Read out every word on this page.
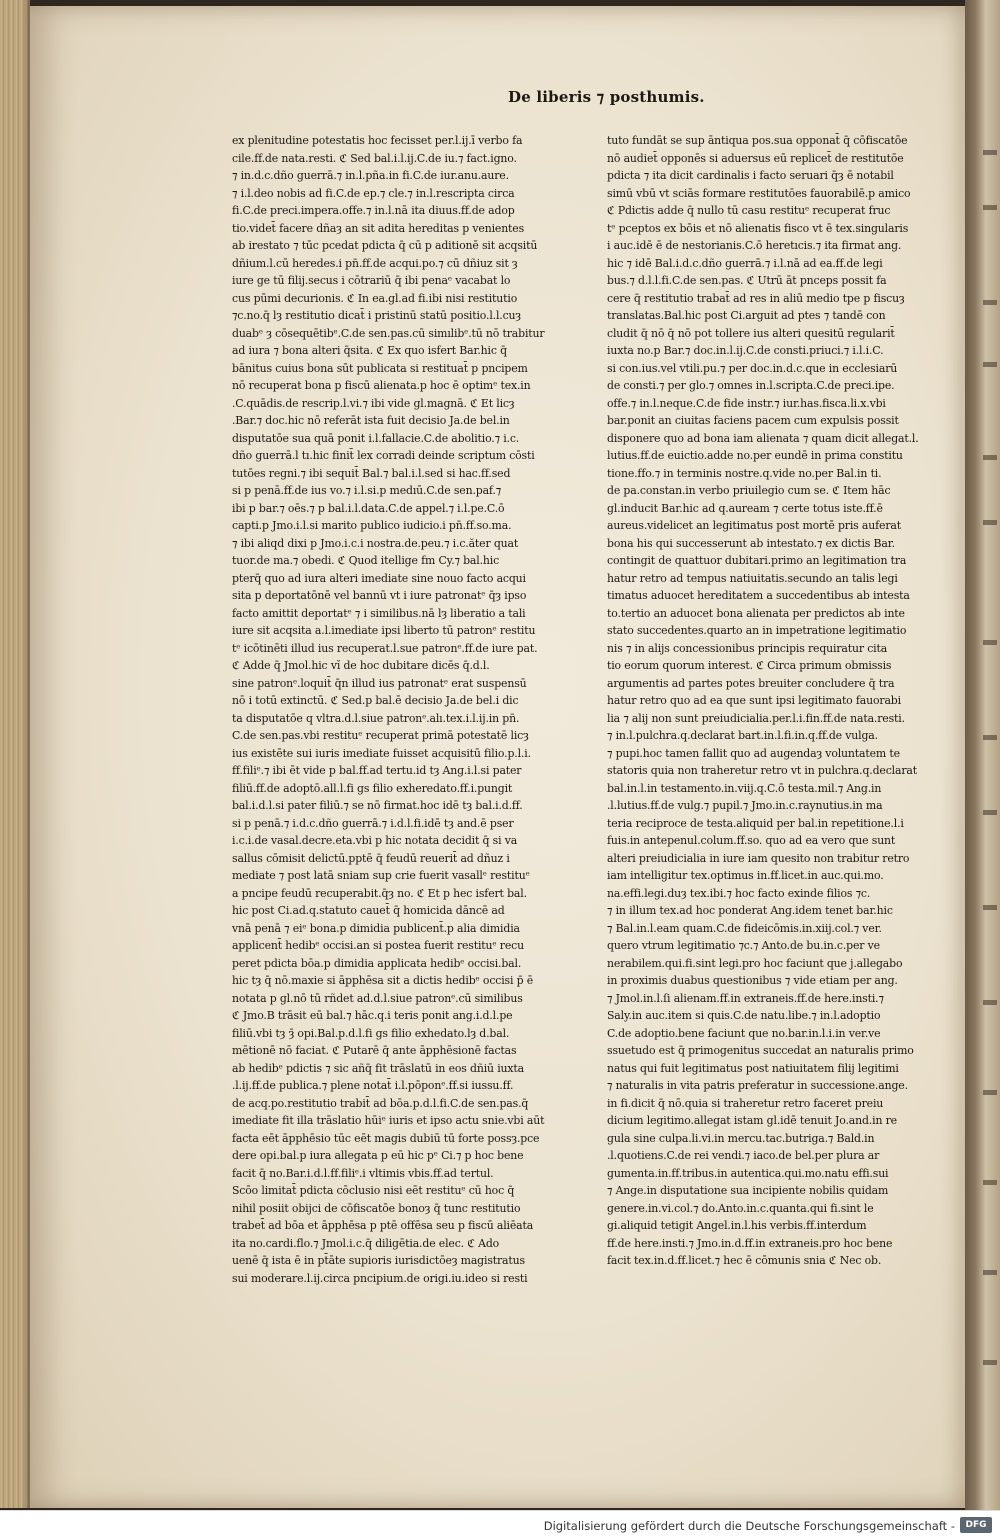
De liberis ⁊ posthumis.
ex plenitudine potestatis hoc fecisset per.l.ij.ī verbo fa
cile.ff.de nata.resti. ℭ Sed bal.i.l.ij.C.de iu.⁊ fact.igno.
⁊ in.d.c.dño guerrā.⁊ in.l.pña.in fi.C.de iur.anu.aure.
⁊ i.l.deo nobis ad fi.C.de ep.⁊ cle.⁊ in.l.rescripta circa
fi.C.de preci.impera.offe.⁊ in.l.nā ita diuus.ff.de adop
tio.videt̄ facere dñaȝ an sit adita hereditas p venientes
ab irestato ⁊ tūc pcedat pdicta q̄ cū p aditionē sit acqsitū
dñium.l.cū heredes.i pn̄.ff.de acqui.po.⁊ cū dñiuz sit ȝ
iure ge tū filij.secus i cōtrariū q̄ ibi penaᵉ vacabat lo
cus pūmi decurionis. ℭ In ea.gl.ad fi.ibi nisi restitutio
⁊c.no.q̄ lȝ restitutio dicat̄ i pristinū statū positio.l.l.cuȝ
duabᵉ ȝ cōsequētibᵉ.C.de sen.pas.cū simılibᵉ.tū nō trabitur
ad iura ⁊ bona alteri q̄sita. ℭ Ex quo isfert Bar.hic q̄
bānitus cuius bona sūt publicata si restituat̄ p pncipem
nō recuperat bona p fiscū alienata.p hoc ē optimᵉ tex.in
.C.quādis.de rescrip.l.vi.⁊ ibi vide gl.magnā. ℭ Et licȝ
.Bar.⁊ doc.hic nō referāt ista fuit decisio Ja.de bel.in
disputatōe sua quā ponit i.l.fallacie.C.de abolitio.⁊ i.c.
dño guerrā.l tı.hic finit̄ lex corradi deinde scriptum cōsti
tutōes regni.⁊ ibi sequit̄ Bal.⁊ bal.i.l.sed si hac.ff.sed
si p penā.ff.de ius vo.⁊ i.l.si.p medıū.C.de sen.paf.⁊
ibi p bar.⁊ oēs.⁊ p bal.i.l.data.C.de appel.⁊ i.l.pe.C.ō
capti.p Jmo.i.l.si marito publico iudicio.i pn̄.ff.so.ma.
⁊ ibi aliqd dixi p Jmo.i.c.i nostra.de.peu.⁊ i.c.ăter quat
tuor.de ma.⁊ obedi. ℭ Quod itellige fm Cy.⁊ bal.hic
pterq̄ quo ad iura alteri imediate sine nouo facto acqui
sita p deportatōnē vel bannū vt i iure patronatᵉ q̄ȝ ipso
facto amittit deportatᵉ ⁊ i similibus.nā lȝ liberatio a tali
iure sit acqsita a.l.imediate ipsi liberto tū patronᵉ restitu
tᵉ icōtinēti illud ius recuperat.l.sue patronᵉ.ff.de iure pat.
ℭ Adde q̄ Jmol.hic vı̆ de hoc dubitare dicēs q̄.d.l.
sine patronᵉ.loquit̄ q̄n illud ius patronatᵉ erat suspensū
nō i totū extinctū. ℭ Sed.p bal.ē decisio Ja.de bel.i dic
ta disputatōe q vltra.d.l.siue patronᵉ.alı.tex.i.l.ij.in pn̄.
C.de sen.pas.vbi restituᵉ recuperat primā potestatē licȝ
ius existēte sui iuris imediate fuisset acquisitū filio.p.l.i.
ff.filiᵉ.⁊ ibi ēt vide p bal.ff.ad tertu.id tȝ Ang.i.l.si pater
filiū.ff.de adoptō.all.l.fi gs filio exheredato.ff.i.pungit
bal.i.d.l.si pater filiū.⁊ se nō firmat.hoc idē tȝ bal.i.d.ff.
si p penā.⁊ i.d.c.dño guerrā.⁊ i.d.l.fi.idē tȝ and.ē pser
i.c.i.de vasal.decre.eta.vbi p hic notata decidit q̄ si va
sallus cōmisit delictū.pptē q̄ feudū reuerit̄ ad dñuz i
mediate ⁊ post latā sniam sup crie fuerit vasallᵉ restituᵉ
a pncipe feudū recuperabit.q̄ȝ no. ℭ Et p hec isfert bal.
hic post Ci.ad.q.statuto cauet̄ q̄ homicida dāncē ad
vnā penā ⁊ eiᵉ bona.p dimidia publicent̄.p alia dimidia
applicent̄ hedibᵉ occisi.an si postea fuerit restituᵉ recu
peret pdicta bōa.p dimidia applicata hedibᵉ occisi.bal.
hic tȝ q̄ nō.maxie si āpphēsa sit a dictis hedibᵉ occisi p̄ ē
notata p gl.nō tū rñdet ad.d.l.siue patronᵉ.cū similibus
ℭ Jmo.B trāsit eū bal.⁊ hāc.q.i teris ponit ang.i.d.l.pe
filiū.vbi tȝ ȝ̄ opi.Bal.p.d.l.fi gs filio exhedato.lȝ d.bal.
mētionē nō faciat. ℭ Putarē q̄ ante āpphēsionē factas
ab hedibᵉ pdictis ⁊ sic añq̄ fit trāslatū in eos dñiū iuxta
.l.ij.ff.de publica.⁊ plene notat̄ i.l.pōponᵉ.ff.si iussu.ff.
de acq.po.restitutio trabit̄ ad bōa.p.d.l.fi.C.de sen.pas.q̄
imediate fit illa trāslatio hūiᵉ iuris et ipso actu snie.vbi aūt
facta eēt āpphēsio tūc eēt magis dubiū tū forte possȝ.pce
dere opi.bal.p iura allegata p eū hic pᵉ Ci.⁊ p hoc bene
facit q̄ no.Bar.i.d.l.ff.filiᵉ.i vltimis vbis.ff.ad tertul.
Scōo limitat̄ pdicta cōclusio nisi eēt restituᵉ cū hoc q̄
nihil posiit obijci de cōfiscatōe bonoȝ q̄ tunc restitutio
trabet̄ ad bōa et āpphēsa p ptē offēsa seu p fiscū aliēata
ita no.cardi.flo.⁊ Jmol.i.c.q̄ diligētia.de elec. ℭ Ado
uenē q̄ ista ē in pt̄āte supioris iurisdictōeȝ magistratus
sui moderare.l.ij.circa pncipium.de origi.iu.ideo si resti
tuto fundāt se sup āntiqua pos.sua opponat̄ q̄ cōfiscatōe
nō audiet̄ opponēs si aduersus eū replicet̄ de restitutōe
pdicta ⁊ ita dicit cardinalis i facto seruari q̄ȝ ē notabil
simū vbū vt sciās formare restitutōes fauorabilē.p amico
ℭ Pdictis adde q̄ nullo tū casu restituᵉ recuperat fruc
tᵉ pceptos ex bōis et nō alienatis fisco vt ē tex.singularis
i auc.idē ē de nestorianis.C.ō heretıcis.⁊ ita firmat ang.
hic ⁊ idē Bal.i.d.c.dño guerrā.⁊ i.l.nā ad ea.ff.de legi
bus.⁊ d.l.l.fi.C.de sen.pas. ℭ Utrū āt pnceps possit fa
cere q̄ restitutio trabat̄ ad res in aliū medio tpe p fiscuȝ
translatas.Bal.hic post Ci.arguit ad ptes ⁊ tandē con
cludit q̄ nō q̄ nō pot tollere ius alteri quesitū regularit̄
iuxta no.p Bar.⁊ doc.in.l.ij.C.de consti.priuci.⁊ i.l.i.C.
si con.ius.vel vtili.pu.⁊ per doc.in.d.c.que in ecclesiarū
de consti.⁊ per glo.⁊ omnes in.l.scripta.C.de preci.ipe.
offe.⁊ in.l.neque.C.de fide instr.⁊ iur.has.fisca.li.x.vbi
bar.ponit an ciuitas faciens pacem cum expulsis possit
disponere quo ad bona iam alienata ⁊ quam dicit allegat.l.
lutius.ff.de euictio.adde no.per eundē in prima constitu
tione.ffo.⁊ in terminis nostre.q.vide no.per Bal.in ti.
de pa.constan.in verbo priuilegio cum se. ℭ Item hāc
gl.inducit Bar.hic ad q.auream ⁊ certe totus iste.ff.ē
aureus.videlicet an legitimatus post mortē pris auferat
bona his qui successerunt ab intestato.⁊ ex dictis Bar.
contingit de quattuor dubitari.primo an legitimation tra
hatur retro ad tempus natiuitatis.secundo an talis legi
timatus aduocet hereditatem a succedentibus ab intesta
to.tertio an aduocet bona alienata per predictos ab inte
stato succedentes.quarto an in impetratione legitimatio
nis ⁊ in alijs concessionibus principis requiratur cita
tio eorum quorum interest. ℭ Circa primum obmissis
argumentis ad partes potes breuiter concludere q̄ tra
hatur retro quo ad ea que sunt ipsi legitimato fauorabi
lia ⁊ alij non sunt preiudicialia.per.l.i.fin.ff.de nata.resti.
⁊ in.l.pulchra.q.declarat bart.in.l.fi.in.q.ff.de vulga.
⁊ pupi.hoc tamen fallit quo ad augendaȝ voluntatem te
statoris quia non traheretur retro vt in pulchra.q.declarat
bal.in.l.in testamento.in.viij.q.C.ō testa.mil.⁊ Ang.in
.l.lutius.ff.de vulg.⁊ pupil.⁊ Jmo.in.c.raynutius.in ma
teria reciproce de testa.aliquid per bal.in repetitione.l.i
fuis.in antepenul.colum.ff.so. quo ad ea vero que sunt
alteri preiudicialia in iure iam quesito non trabitur retro
iam intelligitur tex.optimus in.ff.licet.in auc.qui.mo.
na.effi.legi.duȝ tex.ibi.⁊ hoc facto exinde filios ⁊c.
⁊ in illum tex.ad hoc ponderat Ang.idem tenet bar.hic
⁊ Bal.in.l.eam quam.C.de fideicōmis.in.xiij.col.⁊ ver.
quero vtrum legitimatio ⁊c.⁊ Anto.de bu.in.c.per ve
nerabilem.qui.fi.sint legi.pro hoc faciunt que j.allegabo
in proximis duabus questionibus ⁊ vide etiam per ang.
⁊ Jmol.in.l.ſi alienam.ff.in extraneis.ff.de here.insti.⁊
Saly.in auc.item si quis.C.de natu.libe.⁊ in.l.adoptio
C.de adoptio.bene faciunt que no.bar.in.l.i.in ver.ve
ssuetudo est q̄ primogenitus succedat an naturalis primo
natus qui fuit legitimatus post natiuitatem filij legitimi
⁊ naturalis in vita patris preferatur in successione.ange.
in fi.dicit q̄ nō.quia si traheretur retro faceret preiu
dicium legitimo.allegat istam gl.idē tenuit Jo.and.in re
gula sine culpa.li.vi.in mercu.tac.butriga.⁊ Bald.in
.l.quotiens.C.de rei vendi.⁊ iaco.de bel.per plura ar
gumenta.in.ff.tribus.in autentica.qui.mo.natu effi.sui
⁊ Ange.in disputatione sua incipiente nobilis quidam
genere.in.vi.col.⁊ do.Anto.in.c.quanta.qui fi.sint le
gi.aliquid tetigit Angel.in.l.his verbis.ff.interdum
ff.de here.insti.⁊ Jmo.in.d.ff.in extraneis.pro hoc bene
facit tex.in.d.ff.licet.⁊ hec ē cōmunis snia ℭ Nec ob.
Digitalisierung gefördert durch die Deutsche Forschungsgemeinschaft -	DFG
